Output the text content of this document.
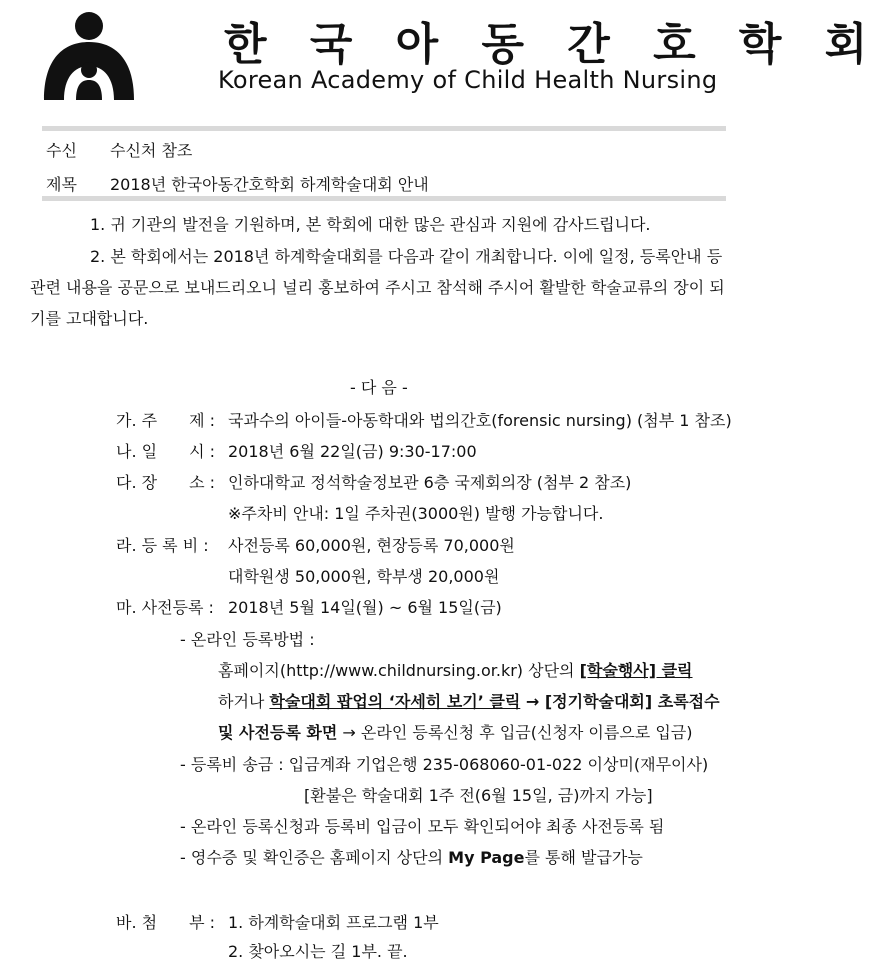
한 국 아 동 간 호 학 회
Korean Academy of Child Health Nursing
수신 수신처 참조
제목 2018년 한국아동간호학회 하계학술대회 안내
1. 귀 기관의 발전을 기원하며, 본 학회에 대한 많은 관심과 지원에 감사드립니다.
2. 본 학회에서는 2018년 하계학술대회를 다음과 같이 개최합니다. 이에 일정, 등록안내 등
관련 내용을 공문으로 보내드리오니 널리 홍보하여 주시고 참석해 주시어 활발한 학술교류의 장이 되
기를 고대합니다.
- 다 음 -
가. 주　　제 : 국과수의 아이들-아동학대와 법의간호(forensic nursing) (첨부 1 참조)
나. 일　　시 : 2018년 6월 22일(금) 9:30-17:00
다. 장　　소 : 인하대학교 정석학술정보관 6층 국제회의장 (첨부 2 참조)
※주차비 안내: 1일 주차권(3000원) 발행 가능합니다.
라. 등 록 비 : 사전등록 60,000원, 현장등록 70,000원
대학원생 50,000원, 학부생 20,000원
마. 사전등록 : 2018년 5월 14일(월) ~ 6월 15일(금)
- 온라인 등록방법 :
홈페이지(http://www.childnursing.or.kr) 상단의 [학술행사] 클릭
하거나 학술대회 팝업의 ‘자세히 보기’ 클릭 → [정기학술대회] 초록접수
및 사전등록 화면 → 온라인 등록신청 후 입금(신청자 이름으로 입금)
- 등록비 송금 : 입금계좌 기업은행 235-068060-01-022 이상미(재무이사)
[환불은 학술대회 1주 전(6월 15일, 금)까지 가능]
- 온라인 등록신청과 등록비 입금이 모두 확인되어야 최종 사전등록 됨
- 영수증 및 확인증은 홈페이지 상단의 My Page를 통해 발급가능
바. 첨　　부 : 1. 하계학술대회 프로그램 1부
2. 찾아오시는 길 1부. 끝.
